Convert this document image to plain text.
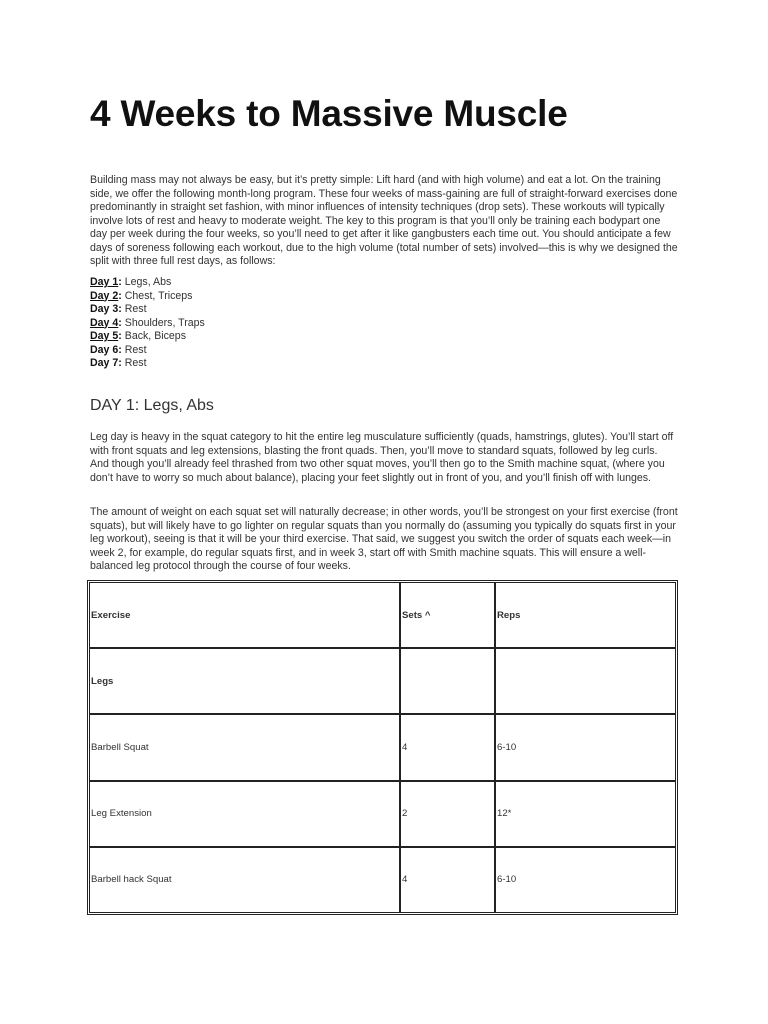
4 Weeks to Massive Muscle

Building mass may not always be easy, but it’s pretty simple: Lift hard (and with high volume) and eat a lot. On the training side, we offer the following month-long program. These four weeks of mass-gaining are full of straight-forward exercises done predominantly in straight set fashion, with minor influences of intensity techniques (drop sets). These workouts will typically involve lots of rest and heavy to moderate weight. The key to this program is that you’ll only be training each bodypart one day per week during the four weeks, so you’ll need to get after it like gangbusters each time out. You should anticipate a few days of soreness following each workout, due to the high volume (total number of sets) involved—this is why we designed the split with three full rest days, as follows:

Day 1: Legs, Abs
Day 2: Chest, Triceps
Day 3: Rest
Day 4: Shoulders, Traps
Day 5: Back, Biceps
Day 6: Rest
Day 7: Rest
DAY 1: Legs, Abs

Leg day is heavy in the squat category to hit the entire leg musculature sufficiently (quads, hamstrings, glutes). You’ll start off with front squats and leg extensions, blasting the front quads. Then, you’ll move to standard squats, followed by leg curls. And though you’ll already feel thrashed from two other squat moves, you’ll then go to the Smith machine squat, (where you don’t have to worry so much about balance), placing your feet slightly out in front of you, and you’ll finish off with lunges.

The amount of weight on each squat set will naturally decrease; in other words, you’ll be strongest on your first exercise (front squats), but will likely have to go lighter on regular squats than you normally do (assuming you typically do squats first in your leg workout), seeing is that it will be your third exercise. That said, we suggest you switch the order of squats each week—in week 2, for example, do regular squats first, and in week 3, start off with Smith machine squats. This will ensure a well-balanced leg protocol through the course of four weeks.

Exercise	Sets ^	Reps
Legs		
Barbell Squat	4	6-10
Leg Extension	2	12*
Barbell hack Squat	4	6-10
